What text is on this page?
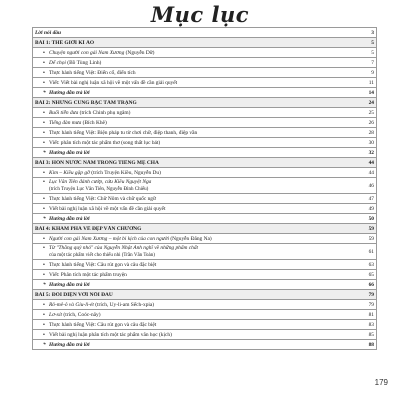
Mục lục
Lời nói đầu	3
BÀI 1: THẾ GIỚI KÌ ẢO	5
• Chuyện người con gái Nam Xương (Nguyễn Dữ)	5
• Dế chọi (Bồ Tùng Linh)	7
• Thực hành tiếng Việt: Điển cố, điển tích	9
• Viết: Viết bài nghị luận xã hội về một vấn đề cần giải quyết	11
* Hướng dẫn trả lời	14
BÀI 2: NHỮNG CUNG BẬC TÂM TRẠNG	24
• Buổi tiễn đưa (trích Chinh phụ ngâm)	25
• Tiếng đàn mưa (Bích Khê)	26
• Thực hành tiếng Việt: Biện pháp tu từ chơi chữ, điệp thanh, điệp vần	28
• Viết: phân tích một tác phẩm thơ (song thất lục bát)	30
* Hướng dẫn trả lời	32
BÀI 3: HỒN NƯỚC NẰM TRONG TIẾNG MẸ CHA	44
• Kim – Kiều gặp gỡ (trích Truyện Kiều, Nguyễn Du)	44
• Lục Vân Tiên đánh cướp, cứu Kiều Nguyệt Nga
(trích Truyện Lục Vân Tiên, Nguyễn Đình Chiểu)
46
• Thực hành tiếng Việt: Chữ Nôm và chữ quốc ngữ	47
• Viết bài nghị luận xã hội về một vấn đề cần giải quyết	49
* Hướng dẫn trả lời	50
BÀI 4: KHÁM PHÁ VẺ ĐẸP VĂN CHƯƠNG	59
• Người con gái Nam Xương – một bi kịch của con người (Nguyễn Đăng Na)	59
• Từ "Thằng quỷ nhỏ" của Nguyễn Nhật Ánh nghĩ về những phẩm chất
của một tác phẩm viết cho thiếu nhi (Trần Văn Toàn)
61
• Thực hành tiếng Việt: Câu rút gọn và câu đặc biệt	63
• Viết: Phân tích một tác phẩm truyện	65
* Hướng dẫn trả lời	66
BÀI 5: ĐỐI DIỆN VỚI NỖI ĐAU	79
• Rô-mê-ô và Giu-li-ét (trích, Uy-li-am Sếch-xpia)	79
• Lơ-xít (trích, Coóc-nây)	81
• Thực hành tiếng Việt: Câu rút gọn và câu đặc biệt	83
• Viết bài nghị luận phân tích một tác phẩm văn học (kịch)	85
* Hướng dẫn trả lời	88
179
